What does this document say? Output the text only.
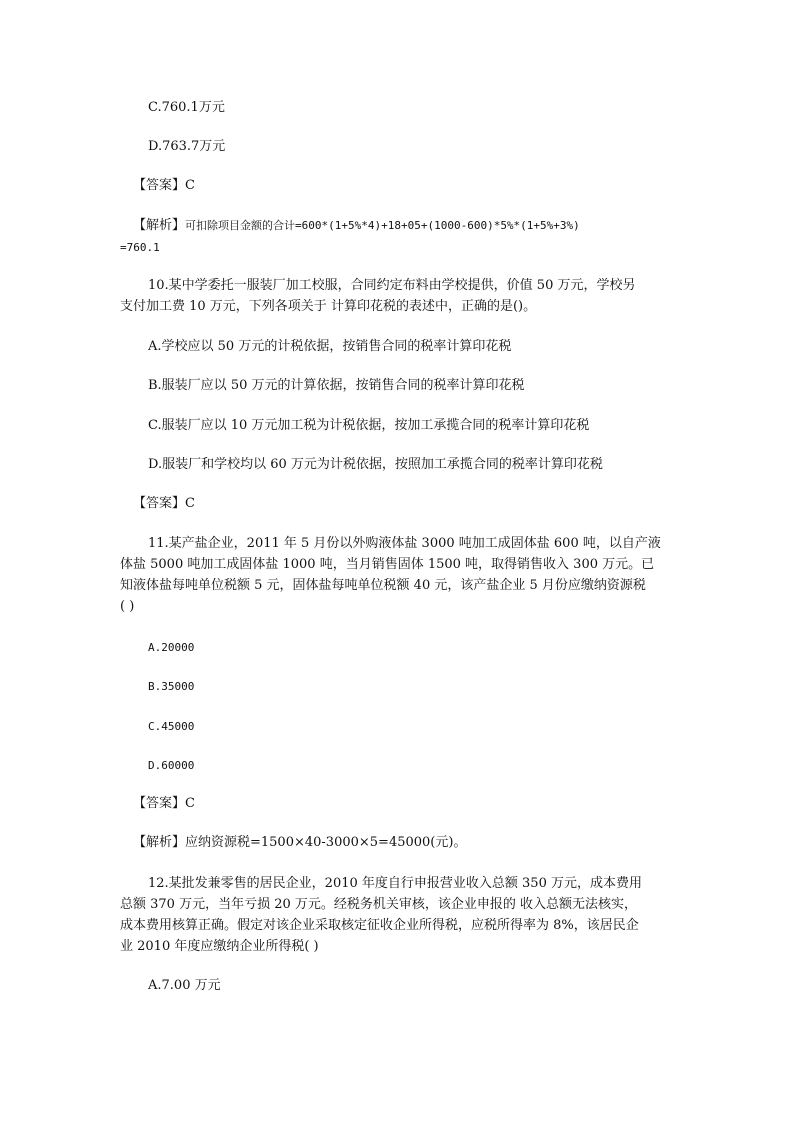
C.760.1万元
D.763.7万元
【答案】C
【解析】可扣除项目金额的合计=600*(1+5%*4)+18+05+(1000-600)*5%*(1+5%+3%)
=760.1
10.某中学委托一服装厂加工校服，合同约定布料由学校提供，价值 50 万元，学校另
支付加工费 10 万元，下列各项关于 计算印花税的表述中，正确的是()。
A.学校应以 50 万元的计税依据，按销售合同的税率计算印花税
B.服装厂应以 50 万元的计算依据，按销售合同的税率计算印花税
C.服装厂应以 10 万元加工税为计税依据，按加工承揽合同的税率计算印花税
D.服装厂和学校均以 60 万元为计税依据，按照加工承揽合同的税率计算印花税
【答案】C
11.某产盐企业，2011 年 5 月份以外购液体盐 3000 吨加工成固体盐 600 吨，以自产液
体盐 5000 吨加工成固体盐 1000 吨，当月销售固体 1500 吨，取得销售收入 300 万元。已
知液体盐每吨单位税额 5 元，固体盐每吨单位税额 40 元，该产盐企业 5 月份应缴纳资源税
( )
A.20000
B.35000
C.45000
D.60000
【答案】C
【解析】应纳资源税=1500×40-3000×5=45000(元)。
12.某批发兼零售的居民企业，2010 年度自行申报营业收入总额 350 万元，成本费用
总额 370 万元，当年亏损 20 万元。经税务机关审核，该企业申报的 收入总额无法核实，
成本费用核算正确。假定对该企业采取核定征收企业所得税，应税所得率为 8%，该居民企
业 2010 年度应缴纳企业所得税( )
A.7.00 万元
